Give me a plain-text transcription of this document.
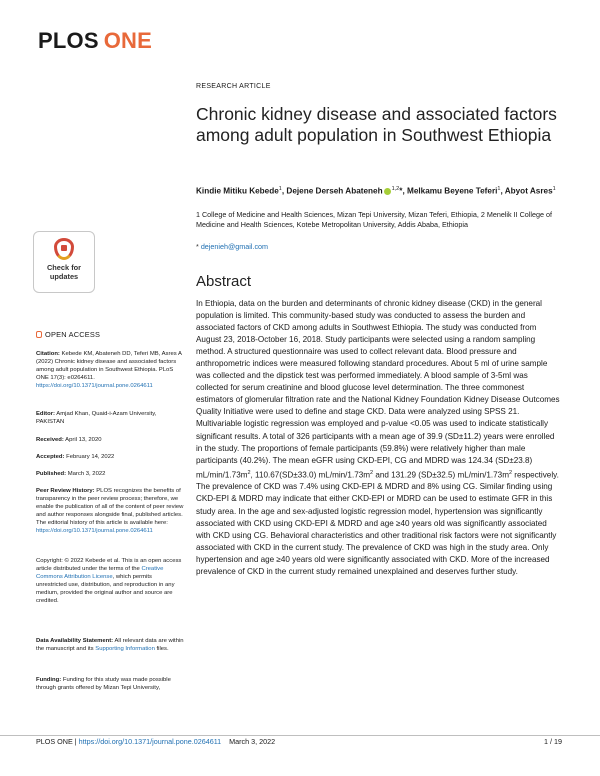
PLOS ONE
RESEARCH ARTICLE
Chronic kidney disease and associated factors among adult population in Southwest Ethiopia
Kindie Mitiku Kebede$^1$, Dejene Derseh Abateneh $^{1,2}$*, Melkamu Beyene Teferi$^1$, Abyot Asres$^1$
1 College of Medicine and Health Sciences, Mizan Tepi University, Mizan Teferi, Ethiopia, 2 Menelik II College of Medicine and Health Sciences, Kotebe Metropolitan University, Addis Ababa, Ethiopia
* dejenieh@gmail.com
Abstract

In Ethiopia, data on the burden and determinants of chronic kidney disease (CKD) in the general population is limited. This community-based study was conducted to assess the burden and associated factors of CKD among adults in Southwest Ethiopia. The study was conducted from August 23, 2018-October 16, 2018. Study participants were selected using a random sampling method. A structured questionnaire was used to collect relevant data. Blood pressure and anthropometric indices were measured following standard procedures. About 5 ml of urine sample was collected and the dipstick test was performed immediately. A blood sample of 3-5ml was collected for serum creatinine and blood glucose level determination. The three commonest estimators of glomerular filtration rate and the National Kidney Foundation Kidney Disease Outcomes Quality Initiative were used to define and stage CKD. Data were analyzed using SPSS 21. Multivariable logistic regression was employed and p-value <0.05 was used to indicate statistically significant results. A total of 326 participants with a mean age of 39.9 (SD±11.2) years were enrolled in the study. The proportions of female participants (59.8%) were relatively higher than male participants (40.2%). The mean eGFR using CKD-EPI, CG and MDRD was 124.34 (SD±23.8) $mL/\min/1.73m^2$, 110.67(SD±33.0) $mL/\min/1.73m^2$ and 131.29 (SD±32.5) $mL/\min/1.73m^2$ respectively. The prevalence of CKD was 7.4% using CKD-EPI & MDRD and 8% using CG. Similar finding using CKD-EPI & MDRD may indicate that either CKD-EPI or MDRD can be used to estimate GFR in this study area. In the age and sex-adjusted logistic regression model, hypertension was significantly associated with CKD using CKD-EPI & MDRD and age ≥40 years old was significantly associated with CKD using CG. Behavioral characteristics and other traditional risk factors were not significantly associated with CKD in the current study. The prevalence of CKD was high in the study area. Only hypertension and age ≥40 years old were significantly associated with CKD. More of the increased prevalence of CKD in the current study remained unexplained and deserves further study.

Check for
updates
OPEN ACCESS
Citation: Kebede KM, Abateneh DD, Teferi MB, Asres A (2022) Chronic kidney disease and associated factors among adult population in Southwest Ethiopia. PLoS ONE 17(3): e0264611. https://doi.org/10.1371/journal.pone.0264611
Editor: Amjad Khan, Quaid-i-Azam University, PAKISTAN
Received: April 13, 2020
Accepted: February 14, 2022
Published: March 3, 2022
Peer Review History: PLOS recognizes the benefits of transparency in the peer review process; therefore, we enable the publication of all of the content of peer review and author responses alongside final, published articles. The editorial history of this article is available here: https://doi.org/10.1371/journal.pone.0264611
Copyright: © 2022 Kebede et al. This is an open access article distributed under the terms of the Creative Commons Attribution License, which permits unrestricted use, distribution, and reproduction in any medium, provided the original author and source are credited.
Data Availability Statement: All relevant data are within the manuscript and its Supporting Information files.
Funding: Funding for this study was made possible through grants offered by Mizan Tepi University,
PLOS ONE | https://doi.org/10.1371/journal.pone.0264611 March 3, 2022	1 / 19
